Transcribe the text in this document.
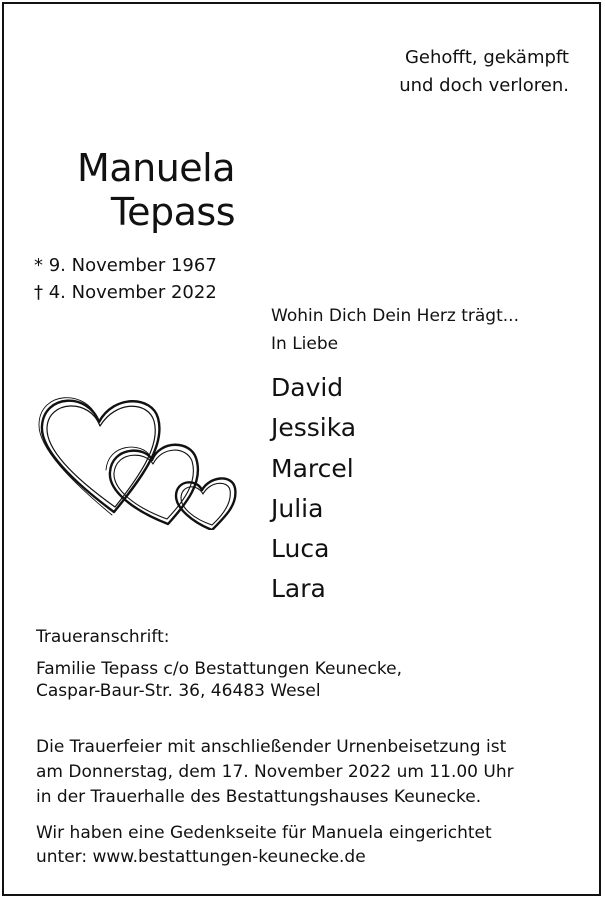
Gehofft, gekämpft
und doch verloren.
Manuela
Tepass
* 9. November 1967
† 4. November 2022
Wohin Dich Dein Herz trägt...
In Liebe
David
Jessika
Marcel
Julia
Luca
Lara
Traueranschrift:
Familie Tepass c/o Bestattungen Keunecke,
Caspar-Baur-Str. 36, 46483 Wesel
Die Trauerfeier mit anschließender Urnenbeisetzung ist
am Donnerstag, dem 17. November 2022 um 11.00 Uhr
in der Trauerhalle des Bestattungshauses Keunecke.
Wir haben eine Gedenkseite für Manuela eingerichtet
unter: www.bestattungen-keunecke.de
